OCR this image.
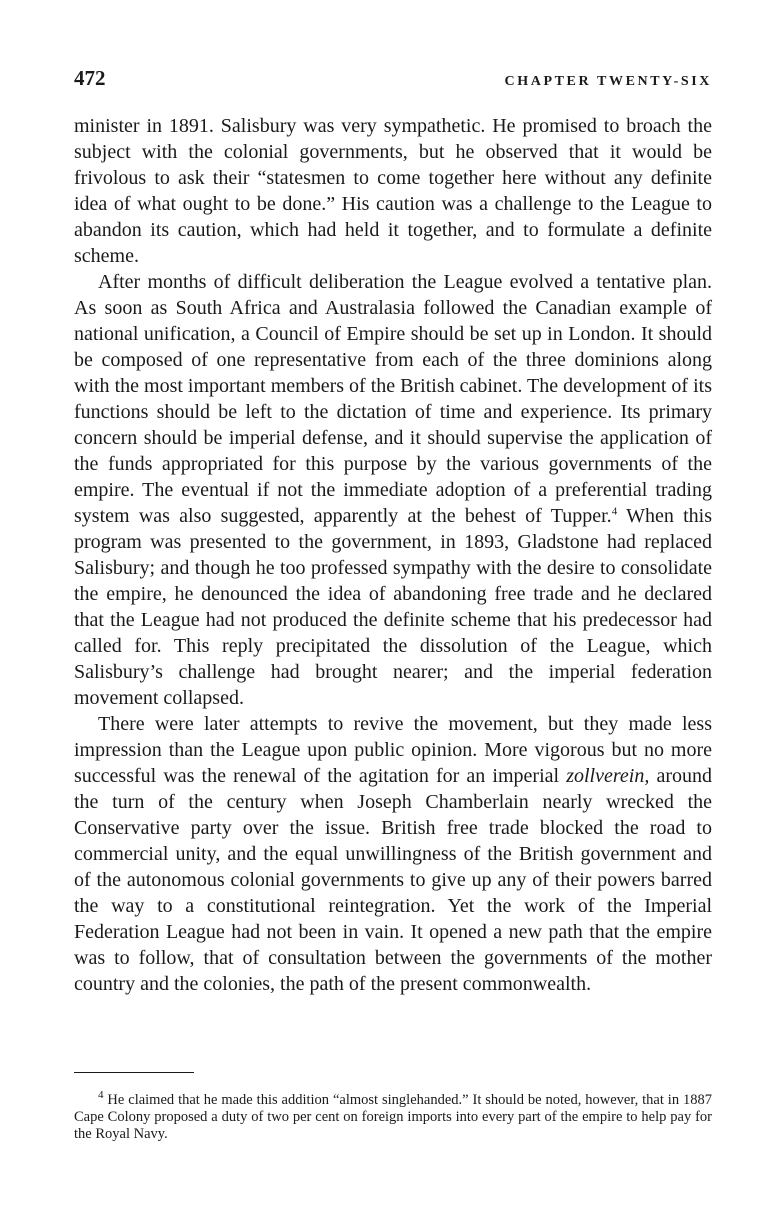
472	CHAPTER TWENTY-SIX

minister in 1891. Salisbury was very sympathetic. He promised to broach the subject with the colonial governments, but he observed that it would be frivolous to ask their “statesmen to come together here without any definite idea of what ought to be done.” His caution was a challenge to the League to abandon its caution, which had held it together, and to formulate a definite scheme.

After months of difficult deliberation the League evolved a tentative plan. As soon as South Africa and Australasia followed the Canadian example of national unification, a Council of Empire should be set up in London. It should be composed of one representative from each of the three dominions along with the most important members of the British cabinet. The development of its functions should be left to the dictation of time and experience. Its primary concern should be imperial defense, and it should supervise the application of the funds appropriated for this purpose by the various governments of the empire. The eventual if not the immediate adoption of a preferential trading system was also suggested, apparently at the behest of Tupper.$^4$ When this program was presented to the government, in 1893, Gladstone had replaced Salisbury; and though he too professed sympathy with the desire to consolidate the empire, he denounced the idea of abandoning free trade and he declared that the League had not produced the definite scheme that his predecessor had called for. This reply precipitated the dissolution of the League, which Salisbury’s challenge had brought nearer; and the imperial federation movement collapsed.

There were later attempts to revive the movement, but they made less impression than the League upon public opinion. More vigorous but no more successful was the renewal of the agitation for an imperial zollverein, around the turn of the century when Joseph Chamberlain nearly wrecked the Conservative party over the issue. British free trade blocked the road to commercial unity, and the equal unwillingness of the British government and of the autonomous colonial governments to give up any of their powers barred the way to a constitutional reintegration. Yet the work of the Imperial Federation League had not been in vain. It opened a new path that the empire was to follow, that of consultation between the governments of the mother country and the colonies, the path of the present commonwealth.

$^4$ He claimed that he made this addition “almost singlehanded.” It should be noted, however, that in 1887 Cape Colony proposed a duty of two per cent on foreign imports into every part of the empire to help pay for the Royal Navy.
